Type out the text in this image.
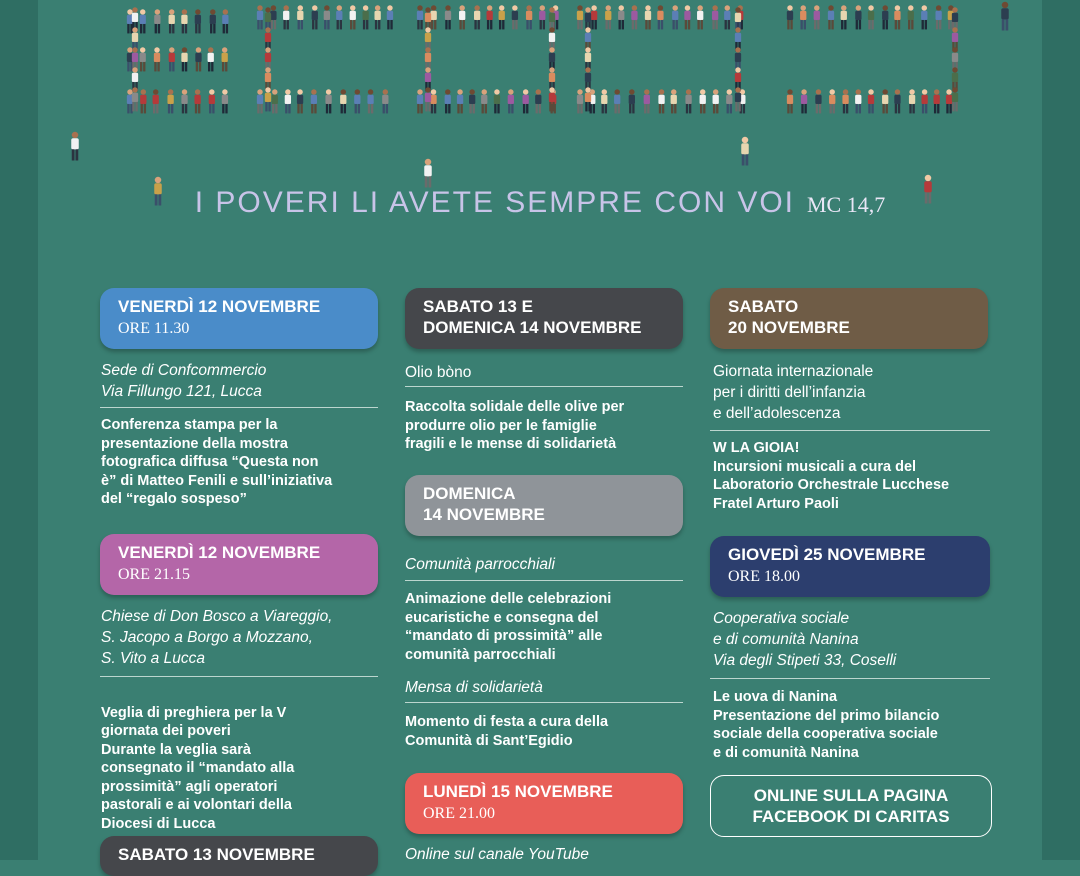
I POVERI LI AVETE SEMPRE CON VOI MC 14,7
VENERDÌ 12 NOVEMBRE
ORE 11.30
Sede di Confcommercio
Via Fillungo 121, Lucca
Conferenza stampa per la
presentazione della mostra
fotografica diffusa “Questa non
è” di Matteo Fenili e sull’iniziativa
del “regalo sospeso”
VENERDÌ 12 NOVEMBRE
ORE 21.15
Chiese di Don Bosco a Viareggio,
S. Jacopo a Borgo a Mozzano,
S. Vito a Lucca

Veglia di preghiera per la V
giornata dei poveri
Durante la veglia sarà
consegnato il “mandato alla
prossimità” agli operatori
pastorali e ai volontari della
Diocesi di Lucca

SABATO 13 NOVEMBRE
SABATO 13 E
DOMENICA 14 NOVEMBRE
Olio bòno
Raccolta solidale delle olive per
produrre olio per le famiglie
fragili e le mense di solidarietà
DOMENICA
14 NOVEMBRE
Comunità parrocchiali
Animazione delle celebrazioni
eucaristiche e consegna del
“mandato di prossimità” alle
comunità parrocchiali
Mensa di solidarietà
Momento di festa a cura della
Comunità di Sant’Egidio
LUNEDÌ 15 NOVEMBRE
ORE 21.00
Online sul canale YouTube
SABATO
20 NOVEMBRE
Giornata internazionale
per i diritti dell’infanzia
e dell’adolescenza
W LA GIOIA!
Incursioni musicali a cura del
Laboratorio Orchestrale Lucchese
Fratel Arturo Paoli
GIOVEDÌ 25 NOVEMBRE
ORE 18.00
Cooperativa sociale
e di comunità Nanina
Via degli Stipeti 33, Coselli
Le uova di Nanina
Presentazione del primo bilancio
sociale della cooperativa sociale
e di comunità Nanina
ONLINE SULLA PAGINA
FACEBOOK DI CARITAS
